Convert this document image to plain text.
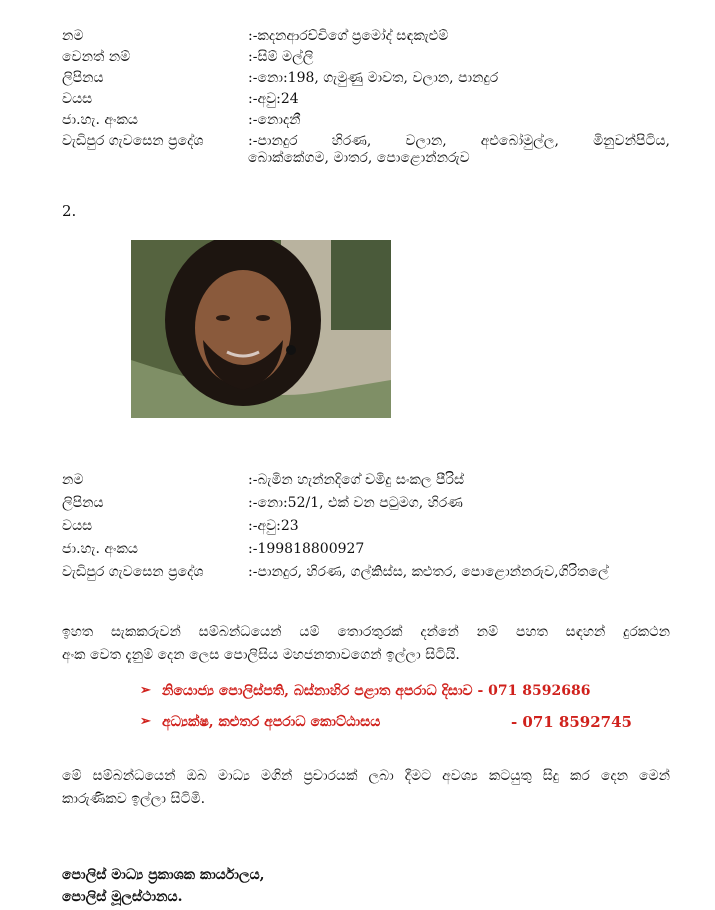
නම	:-කදනආරච්චිගේ ප්‍රමෝද් සඳකැළුම්
වෙනත් නම්	:-සිම් මල්ලි
ලිපිනය	:-නො:198, ගැමුණු මාවත, වලාන, පානදුර
වයස	:-අවු:24
ජා.හැ. අංකය	:-නොදනී
වැඩිපුර ගැවසෙන ප්‍රදේශ	:-පානදුර හිරණ, වලාන, අළුබෝමුල්ල, මිනුවන්පිටිය,
බොක්කේගම, මාතර, පොළොන්නරුව
2.
නම	:-බැමින හැන්නදිගේ චමිදු සංකල පීරිස්
ලිපිනය	:-නො:52/1, එක් වන පටුමග, හිරණ
වයස	:-අවු:23
ජා.හැ. අංකය	:-199818800927
වැඩිපුර ගැවසෙන ප්‍රදේශ	:-පානදුර, හිරණ, ගල්කිස්ස, කළුතර, පොළොන්නරුව,ගිරිතලේ
ඉහත සැකකරුවන් සම්බන්ධයෙන් යම් තොරතුරක් දන්නේ නම් පහත සඳහන් දුරකථන
අංක වෙත දැනුම් දෙන ලෙස පොලිසිය මහජනතාවගෙන් ඉල්ලා සිටියි.
➢ නියොජ්‍ය පොලිස්පති, බස්නාහිර පළාත අපරාධ දිසාව - 071 8592686
➢ අධ්‍යක්ෂ, කළුතර අපරාධ කොට්ඨාසය	- 071 8592745
මේ සම්බන්ධයෙන් ඔබ මාධ්‍ය මගින් ප්‍රචාරයක් ලබා දීමට අවශ්‍ය කටයුතු සිදු කර දෙන මෙන්
කාරුණිකව ඉල්ලා සිටිමි.
පොලිස් මාධ්‍ය ප්‍රකාශක කාර්යාලය,
පොලිස් මූලස්ථානය.
